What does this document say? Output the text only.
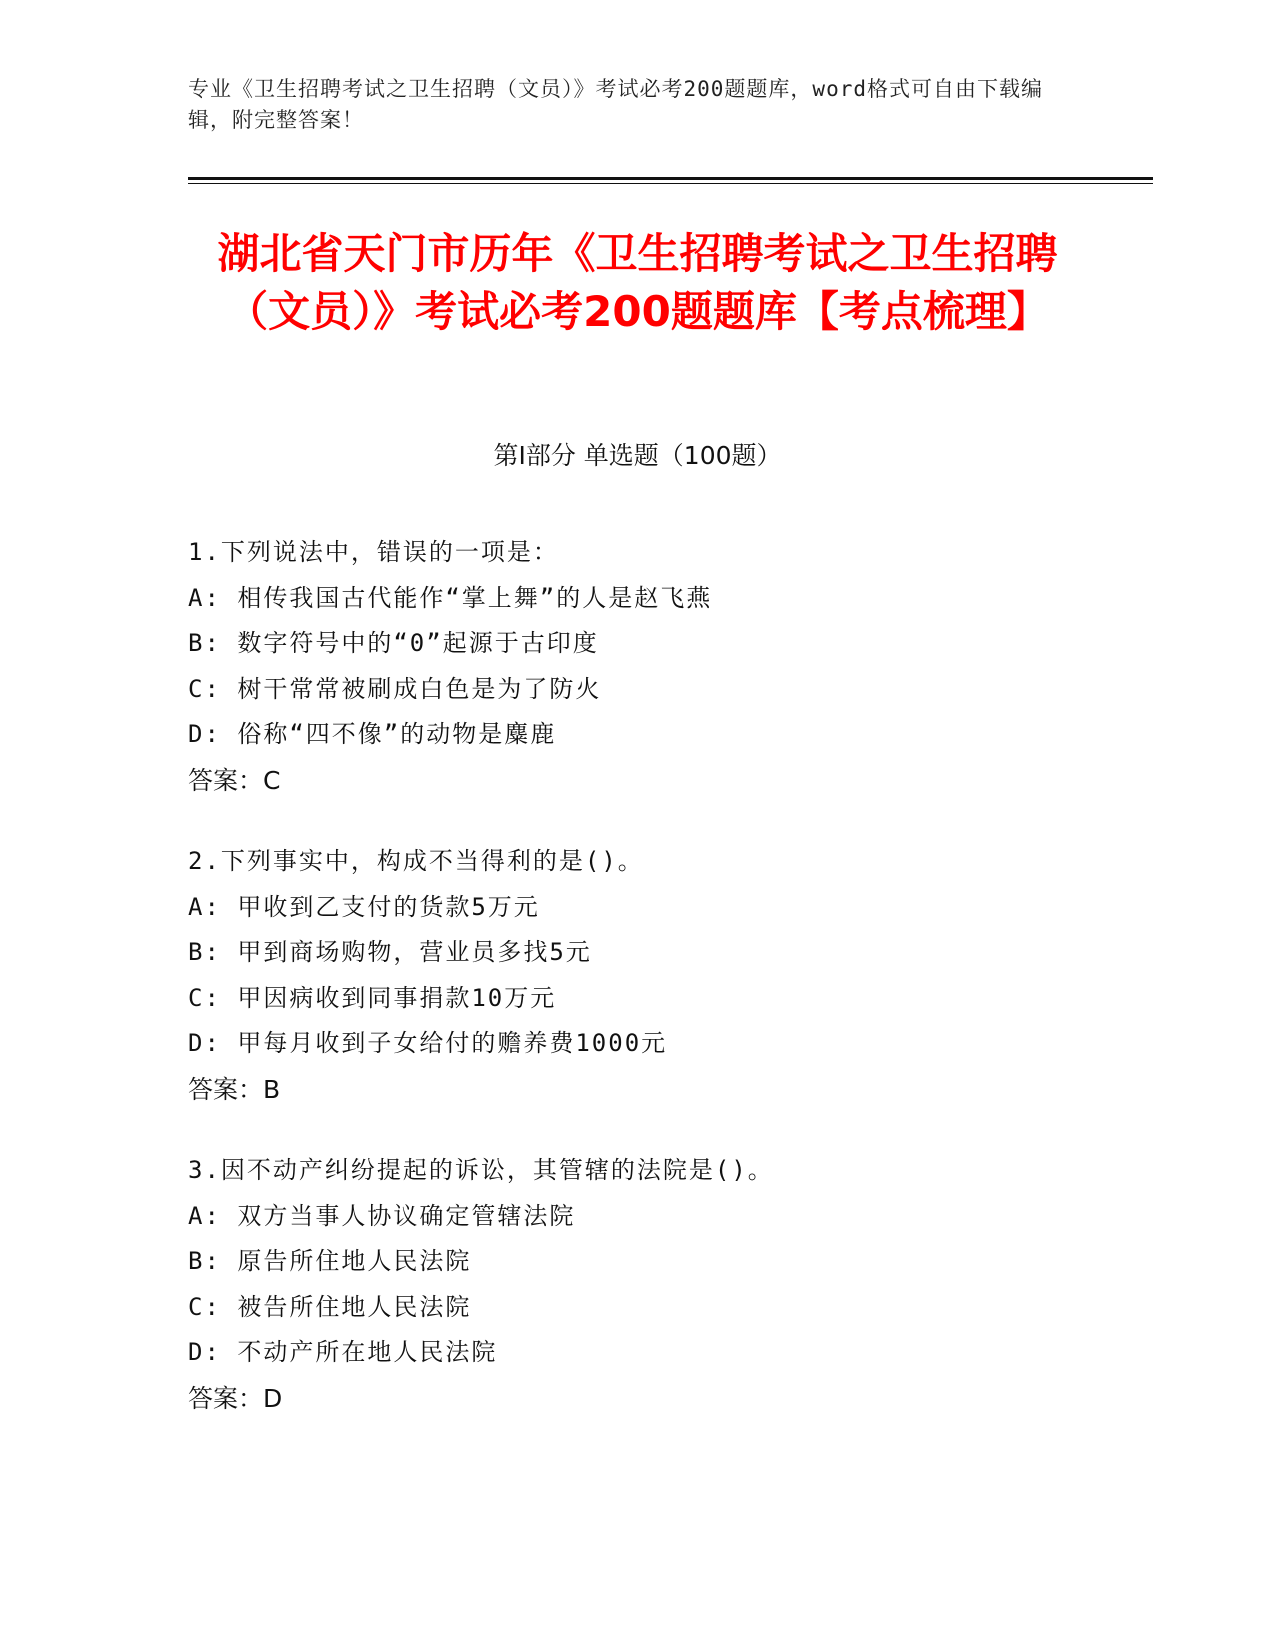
专业《卫生招聘考试之卫生招聘（文员）》考试必考200题题库，word格式可自由下载编辑，附完整答案！
湖北省天门市历年《卫生招聘考试之卫生招聘（文员）》考试必考200题题库【考点梳理】
第Ⅰ部分 单选题（100题）
1.下列说法中，错误的一项是：
A: 相传我国古代能作“掌上舞”的人是赵飞燕
B: 数字符号中的“0”起源于古印度
C: 树干常常被刷成白色是为了防火
D: 俗称“四不像”的动物是麋鹿
答案：C
2.下列事实中，构成不当得利的是()。
A: 甲收到乙支付的货款5万元
B: 甲到商场购物，营业员多找5元
C: 甲因病收到同事捐款10万元
D: 甲每月收到子女给付的赡养费1000元
答案：B
3.因不动产纠纷提起的诉讼，其管辖的法院是()。
A: 双方当事人协议确定管辖法院
B: 原告所住地人民法院
C: 被告所住地人民法院
D: 不动产所在地人民法院
答案：D
